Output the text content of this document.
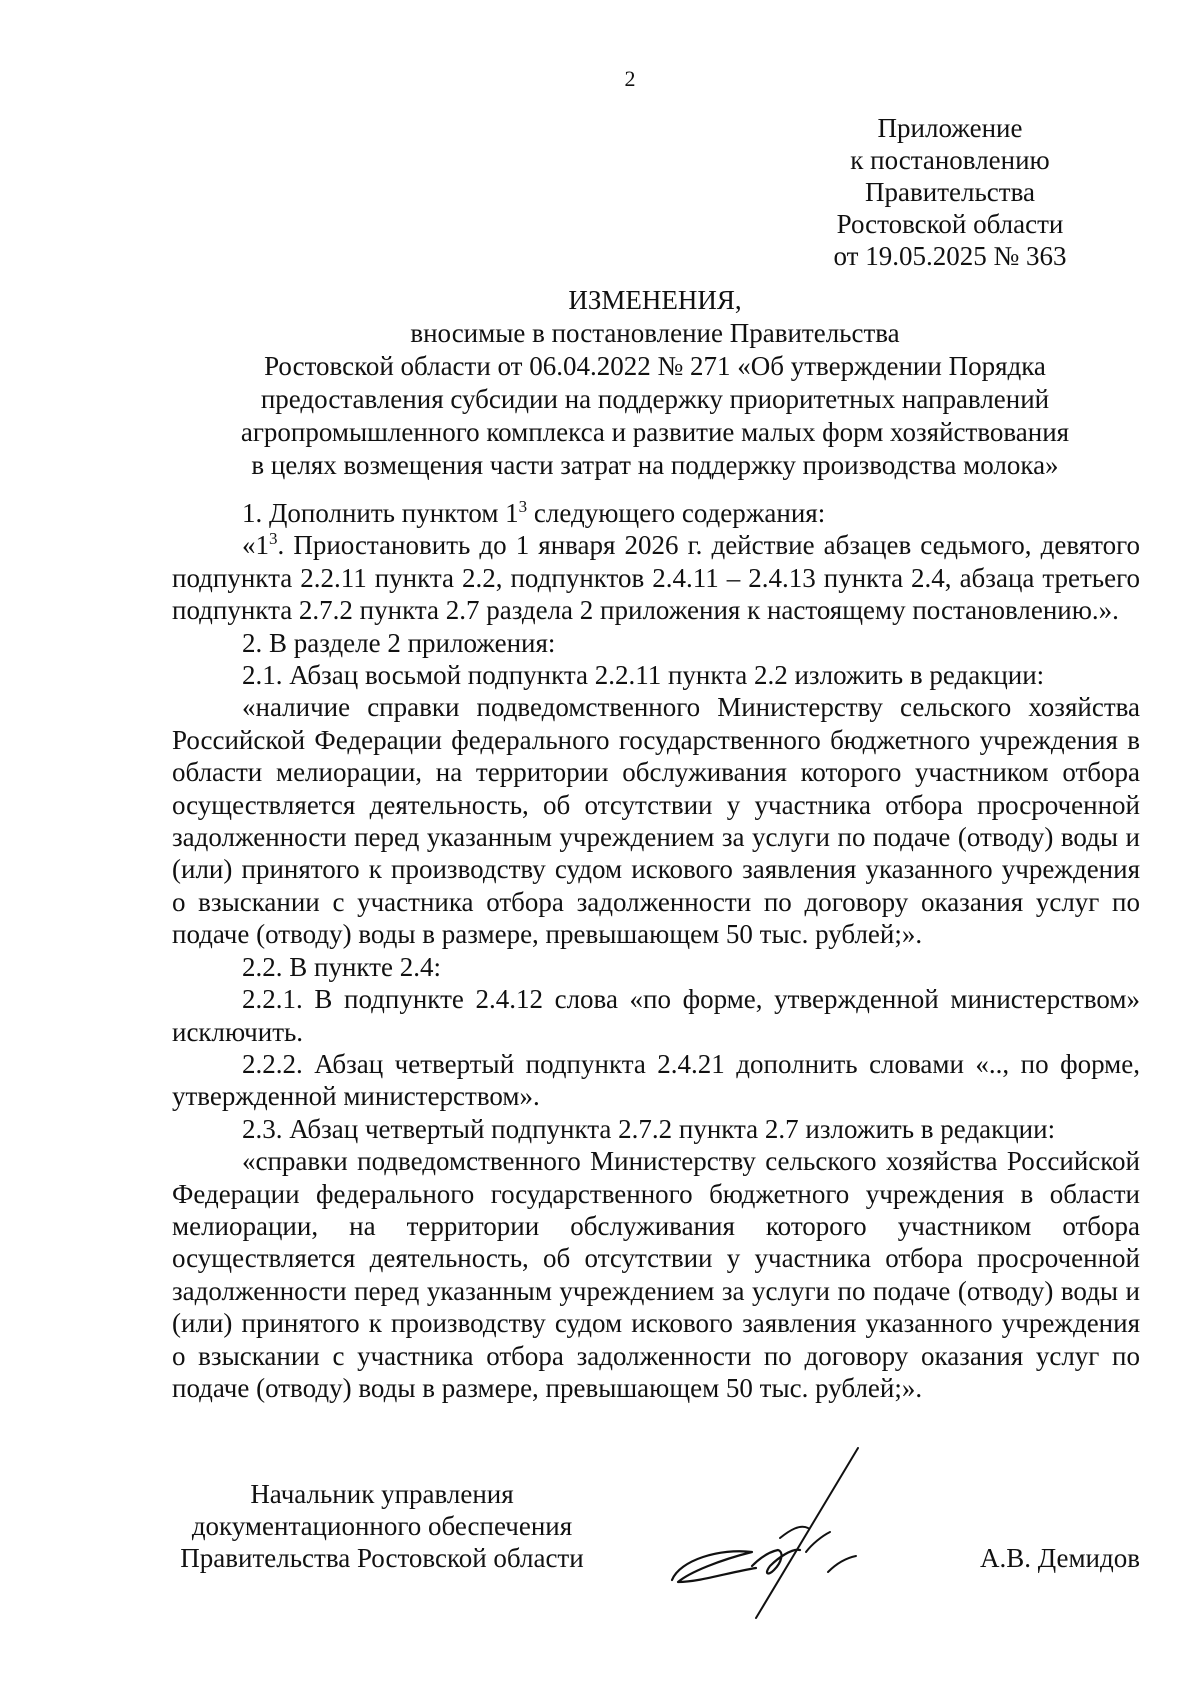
2
Приложение
к постановлению
Правительства
Ростовской области
от 19.05.2025 № 363
ИЗМЕНЕНИЯ,
вносимые в постановление Правительства
Ростовской области от 06.04.2022 № 271 «Об утверждении Порядка
предоставления субсидии на поддержку приоритетных направлений
агропромышленного комплекса и развитие малых форм хозяйствования
в целях возмещения части затрат на поддержку производства молока»

1. Дополнить пунктом $1^3$ следующего содержания:

«$1^3$. Приостановить до 1 января 2026 г. действие абзацев седьмого, девятого подпункта 2.2.11 пункта 2.2, подпунктов 2.4.11 – 2.4.13 пункта 2.4, абзаца третьего подпункта 2.7.2 пункта 2.7 раздела 2 приложения к настоящему постановлению.».

2. В разделе 2 приложения:

2.1. Абзац восьмой подпункта 2.2.11 пункта 2.2 изложить в редакции:

«наличие справки подведомственного Министерству сельского хозяйства Российской Федерации федерального государственного бюджетного учреждения в области мелиорации, на территории обслуживания которого участником отбора осуществляется деятельность, об отсутствии у участника отбора просроченной задолженности перед указанным учреждением за услуги по подаче (отводу) воды и (или) принятого к производству судом искового заявления указанного учреждения о взыскании с участника отбора задолженности по договору оказания услуг по подаче (отводу) воды в размере, превышающем 50 тыс. рублей;».

2.2. В пункте 2.4:

2.2.1. В подпункте 2.4.12 слова «по форме, утвержденной министерством» исключить.

2.2.2. Абзац четвертый подпункта 2.4.21 дополнить словами «.., по форме, утвержденной министерством».

2.3. Абзац четвертый подпункта 2.7.2 пункта 2.7 изложить в редакции:

«справки подведомственного Министерству сельского хозяйства Российской Федерации федерального государственного бюджетного учреждения в области мелиорации, на территории обслуживания которого участником отбора осуществляется деятельность, об отсутствии у участника отбора просроченной задолженности перед указанным учреждением за услуги по подаче (отводу) воды и (или) принятого к производству судом искового заявления указанного учреждения о взыскании с участника отбора задолженности по договору оказания услуг по подаче (отводу) воды в размере, превышающем 50 тыс. рублей;».

Начальник управления
документационного обеспечения
Правительства Ростовской области	А.В. Демидов
